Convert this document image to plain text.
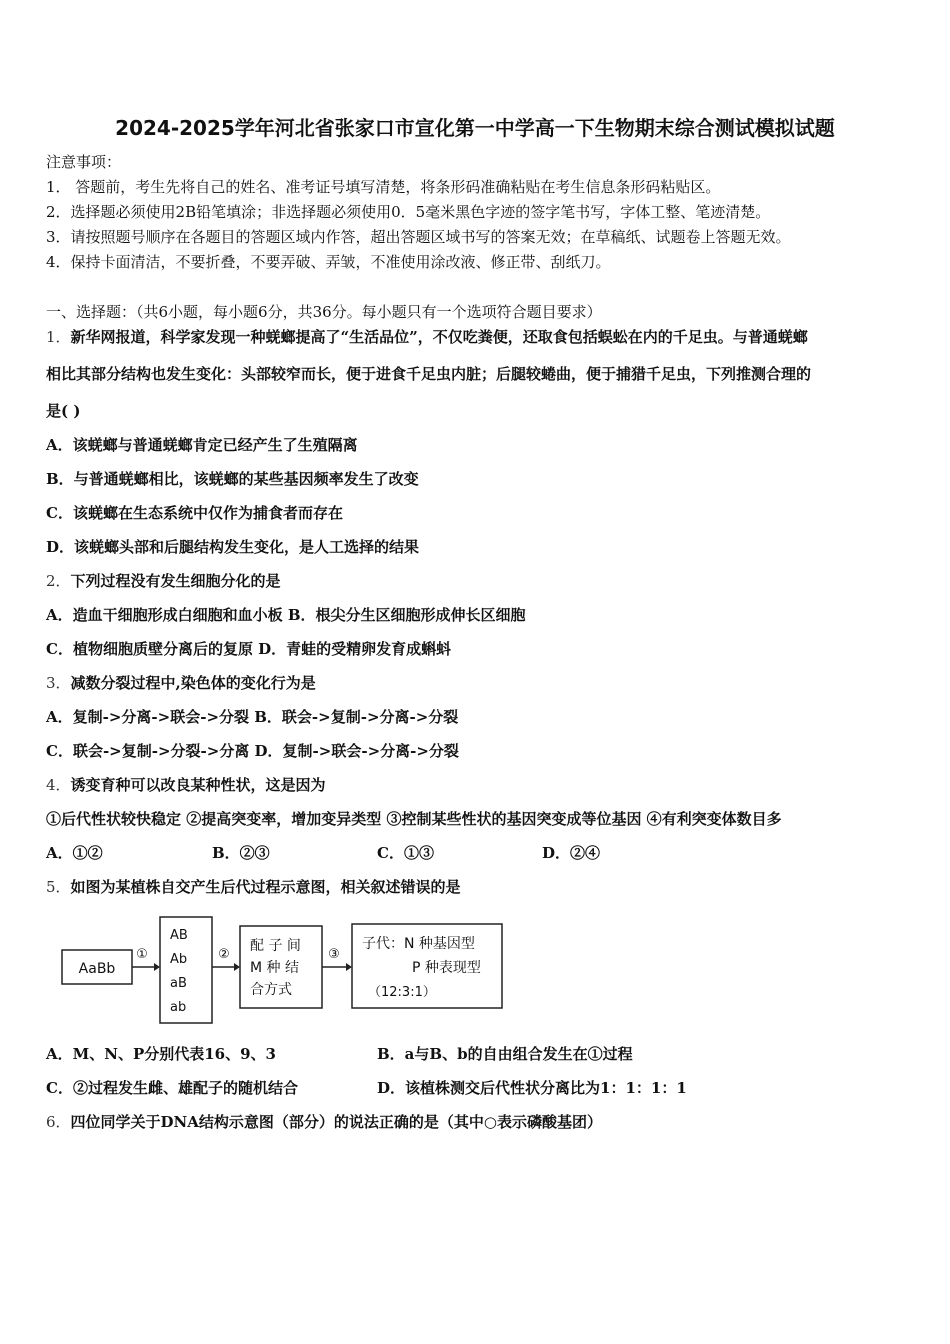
2024-2025学年河北省张家口市宣化第一中学高一下生物期末综合测试模拟试题
注意事项：
1． 答题前，考生先将自己的姓名、准考证号填写清楚，将条形码准确粘贴在考生信息条形码粘贴区。
2．选择题必须使用2B铅笔填涂；非选择题必须使用0．5毫米黑色字迹的签字笔书写，字体工整、笔迹清楚。
3．请按照题号顺序在各题目的答题区域内作答，超出答题区域书写的答案无效；在草稿纸、试题卷上答题无效。
4．保持卡面清洁，不要折叠，不要弄破、弄皱，不准使用涂改液、修正带、刮纸刀。
一、选择题：（共6小题，每小题6分，共36分。每小题只有一个选项符合题目要求）
1．新华网报道，科学家发现一种蜣螂提高了“生活品位”，不仅吃粪便，还取食包括蜈蚣在内的千足虫。与普通蜣螂
相比其部分结构也发生变化：头部较窄而长，便于进食千足虫内脏；后腿较蜷曲，便于捕猎千足虫，下列推测合理的
是( )
A．该蜣螂与普通蜣螂肯定已经产生了生殖隔离
B．与普通蜣螂相比，该蜣螂的某些基因频率发生了改变
C．该蜣螂在生态系统中仅作为捕食者而存在
D．该蜣螂头部和后腿结构发生变化，是人工选择的结果
2．下列过程没有发生细胞分化的是
A．造血干细胞形成白细胞和血小板 B．根尖分生区细胞形成伸长区细胞
C．植物细胞质壁分离后的复原 D．青蛙的受精卵发育成蝌蚪
3．减数分裂过程中,染色体的变化行为是
A．复制->分离->联会->分裂 B．联会->复制->分离->分裂
C．联会->复制->分裂->分离 D．复制->联会->分离->分裂
4．诱变育种可以改良某种性状，这是因为
①后代性状较快稳定 ②提高突变率，增加变异类型 ③控制某些性状的基因突变成等位基因 ④有利突变体数目多
A．①②	B．②③	C．①③	D．②④
5．如图为某植株自交产生后代过程示意图，相关叙述错误的是
AaBb
①
AB
Ab
aB
ab
②
配 子 间
M 种 结
合方式
③
子代：N 种基因型
P 种表现型
（12:3:1）
A．M、N、P分别代表16、9、3	B．a与B、b的自由组合发生在①过程
C．②过程发生雌、雄配子的随机结合	D．该植株测交后代性状分离比为1：1：1：1
6．四位同学关于DNA结构示意图（部分）的说法正确的是（其中○表示磷酸基团）
